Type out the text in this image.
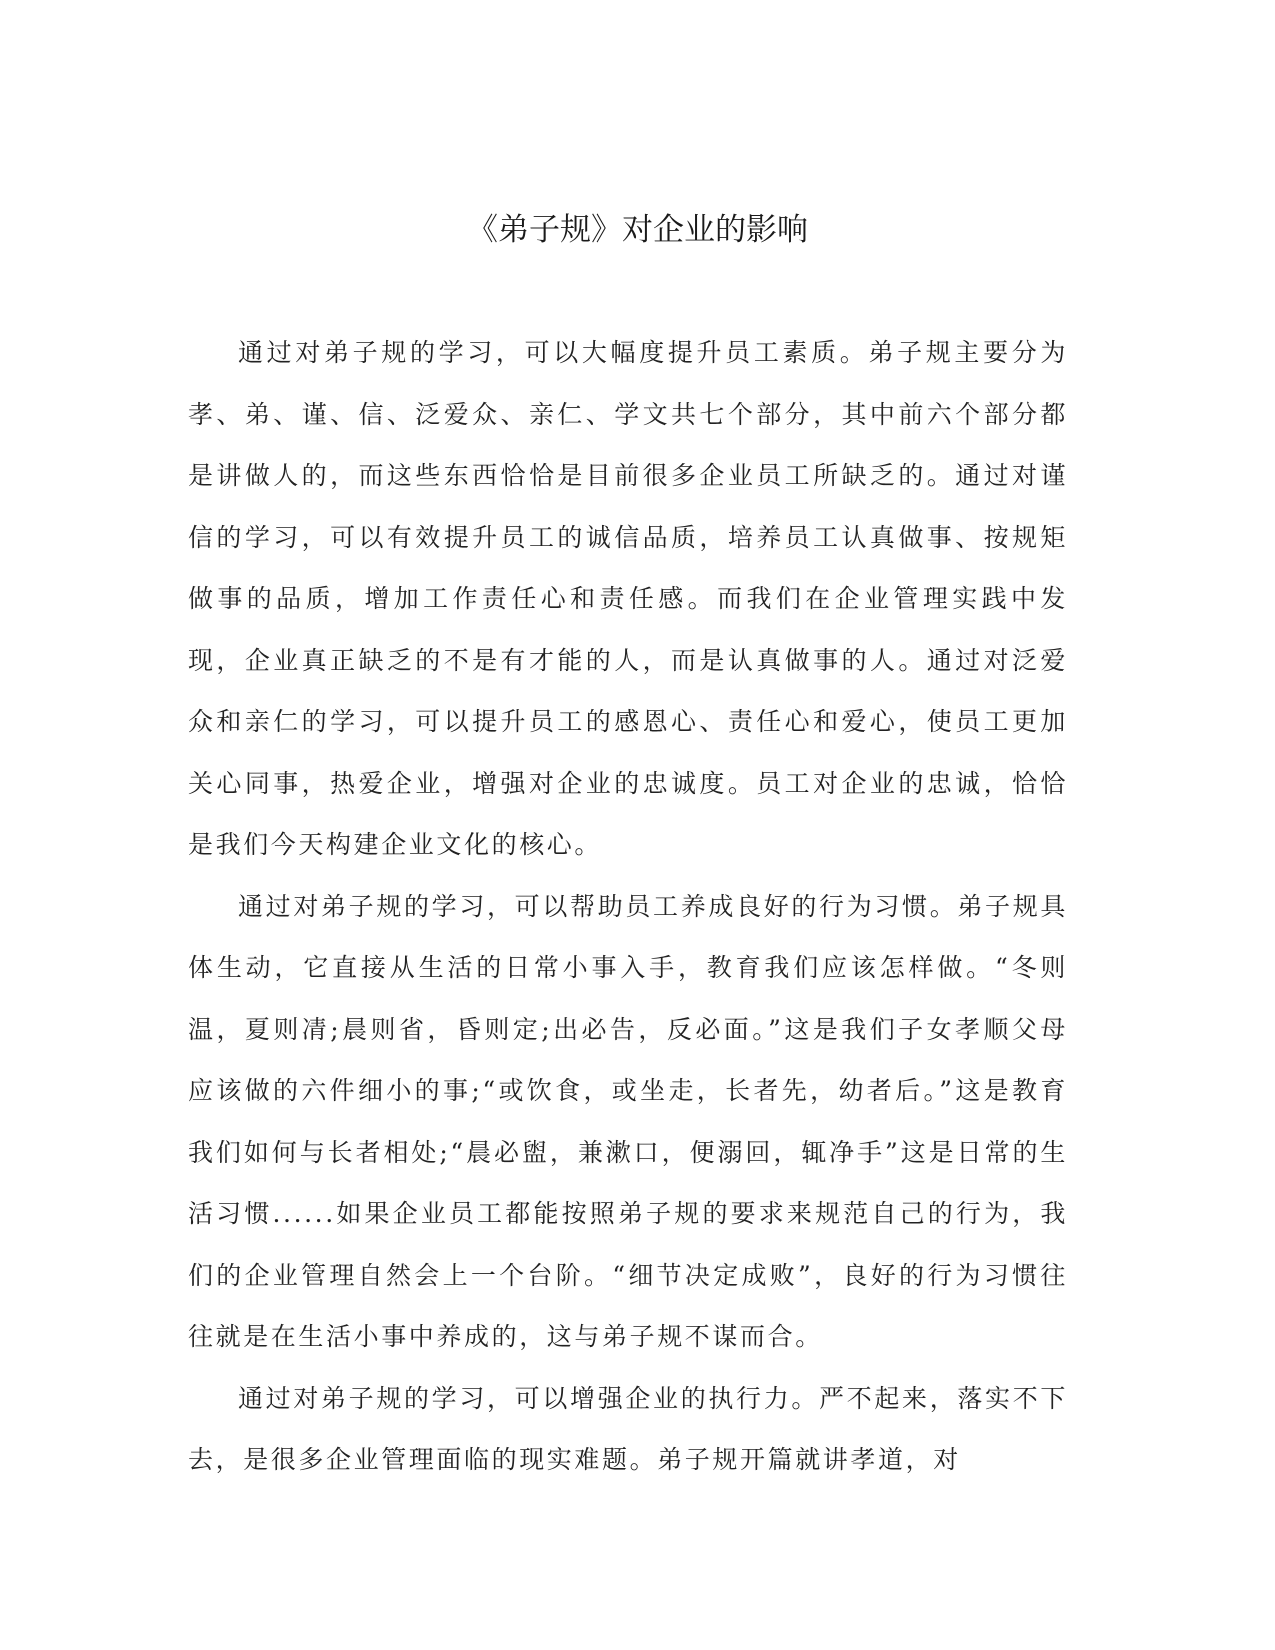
《弟子规》对企业的影响

通过对弟子规的学习，可以大幅度提升员工素质。弟子规主要分为孝、弟、谨、信、泛爱众、亲仁、学文共七个部分，其中前六个部分都是讲做人的，而这些东西恰恰是目前很多企业员工所缺乏的。通过对谨信的学习，可以有效提升员工的诚信品质，培养员工认真做事、按规矩做事的品质，增加工作责任心和责任感。而我们在企业管理实践中发现，企业真正缺乏的不是有才能的人，而是认真做事的人。通过对泛爱众和亲仁的学习，可以提升员工的感恩心、责任心和爱心，使员工更加关心同事，热爱企业，增强对企业的忠诚度。员工对企业的忠诚，恰恰是我们今天构建企业文化的核心。

通过对弟子规的学习，可以帮助员工养成良好的行为习惯。弟子规具体生动，它直接从生活的日常小事入手，教育我们应该怎样做。“冬则温，夏则凊;晨则省，昏则定;出必告，反必面。”这是我们子女孝顺父母应该做的六件细小的事;“或饮食，或坐走，长者先，幼者后。”这是教育我们如何与长者相处;“晨必盥，兼漱口，便溺回，辄净手”这是日常的生活习惯......如果企业员工都能按照弟子规的要求来规范自己的行为，我们的企业管理自然会上一个台阶。“细节决定成败”，良好的行为习惯往往就是在生活小事中养成的，这与弟子规不谋而合。

通过对弟子规的学习，可以增强企业的执行力。严不起来，落实不下去，是很多企业管理面临的现实难题。弟子规开篇就讲孝道，对
